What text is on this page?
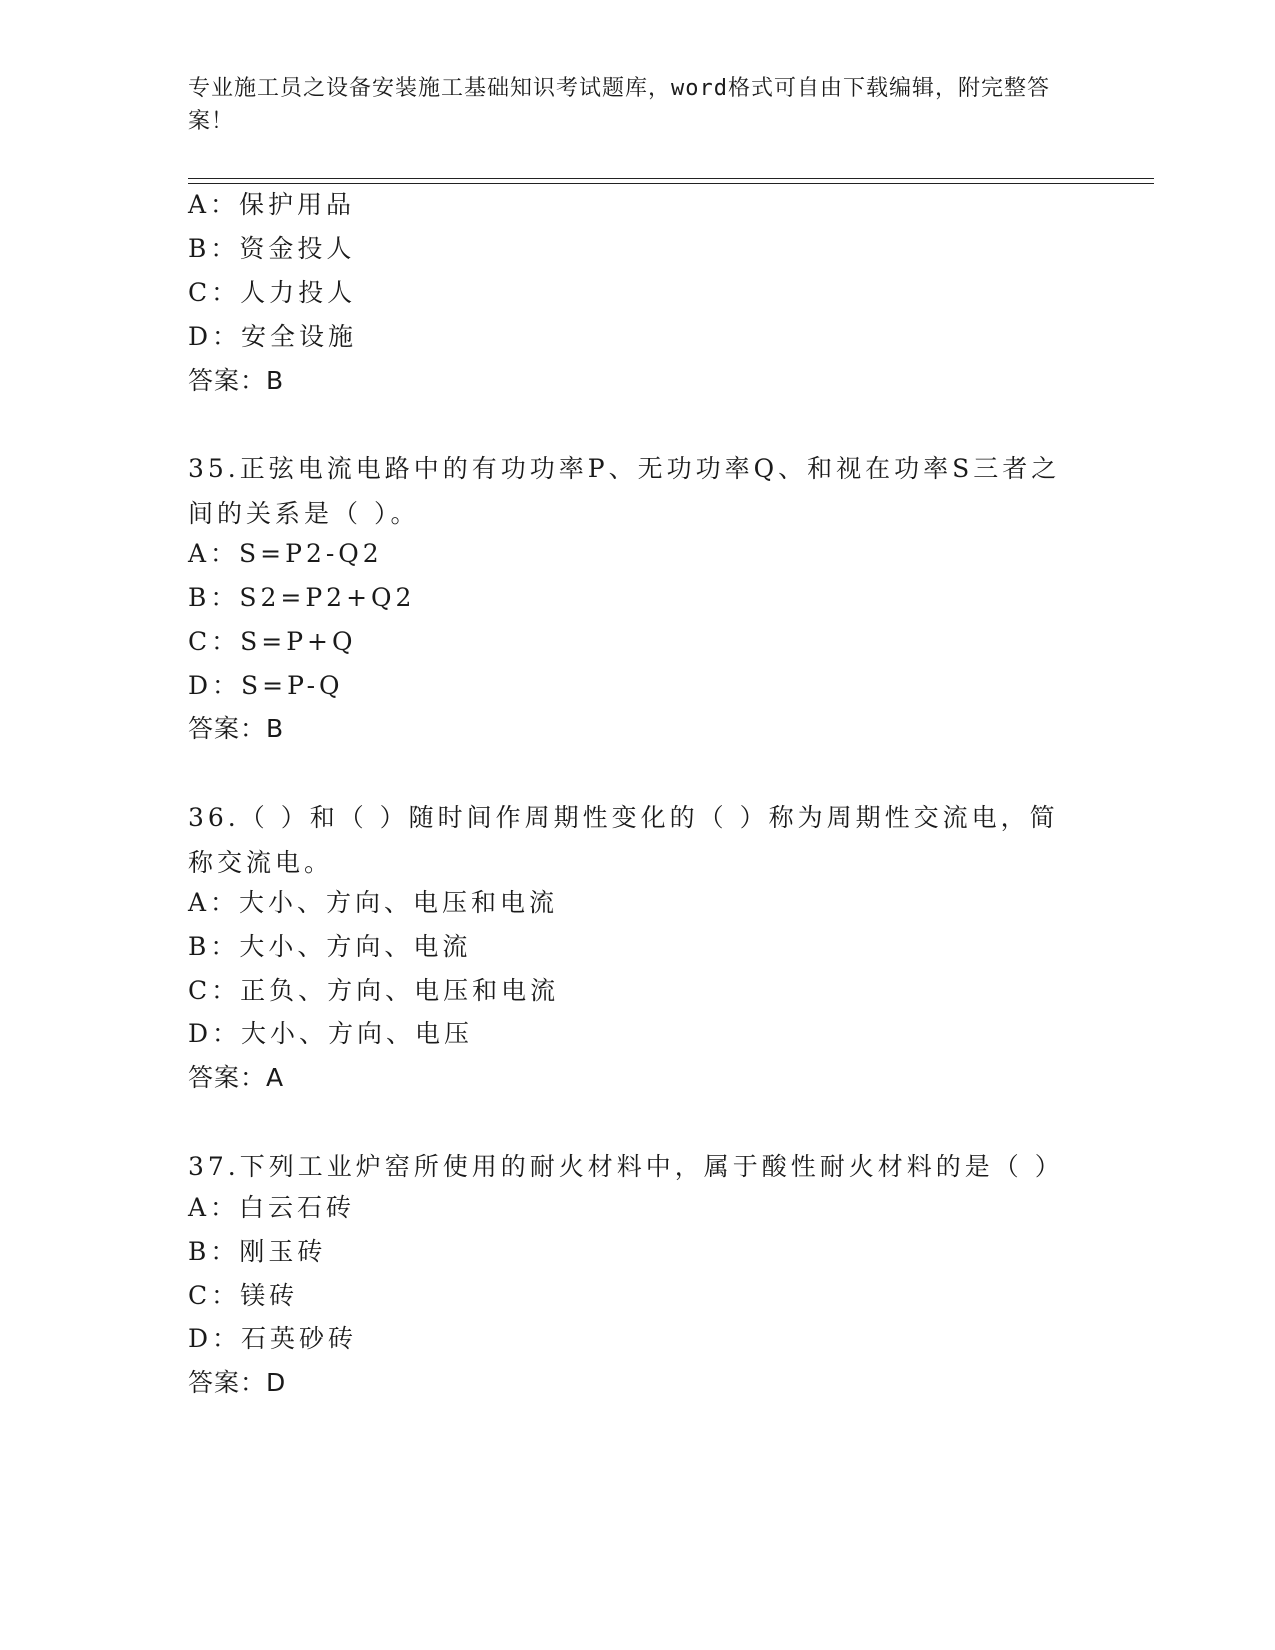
专业施工员之设备安装施工基础知识考试题库，word格式可自由下载编辑，附完整答案！
A：保护用品
B：资金投人
C：人力投人
D：安全设施
答案：B
35.正弦电流电路中的有功功率P、无功功率Q、和视在功率S三者之间的关系是（ ）。
A：S=P2-Q2
B：S2=P2+Q2
C：S=P+Q
D：S=P-Q
答案：B
36.（ ）和（ ）随时间作周期性变化的（ ）称为周期性交流电，简称交流电。
A：大小、方向、电压和电流
B：大小、方向、电流
C：正负、方向、电压和电流
D：大小、方向、电压
答案：A
37.下列工业炉窑所使用的耐火材料中，属于酸性耐火材料的是（ ）
A：白云石砖
B：刚玉砖
C：镁砖
D：石英砂砖
答案：D
